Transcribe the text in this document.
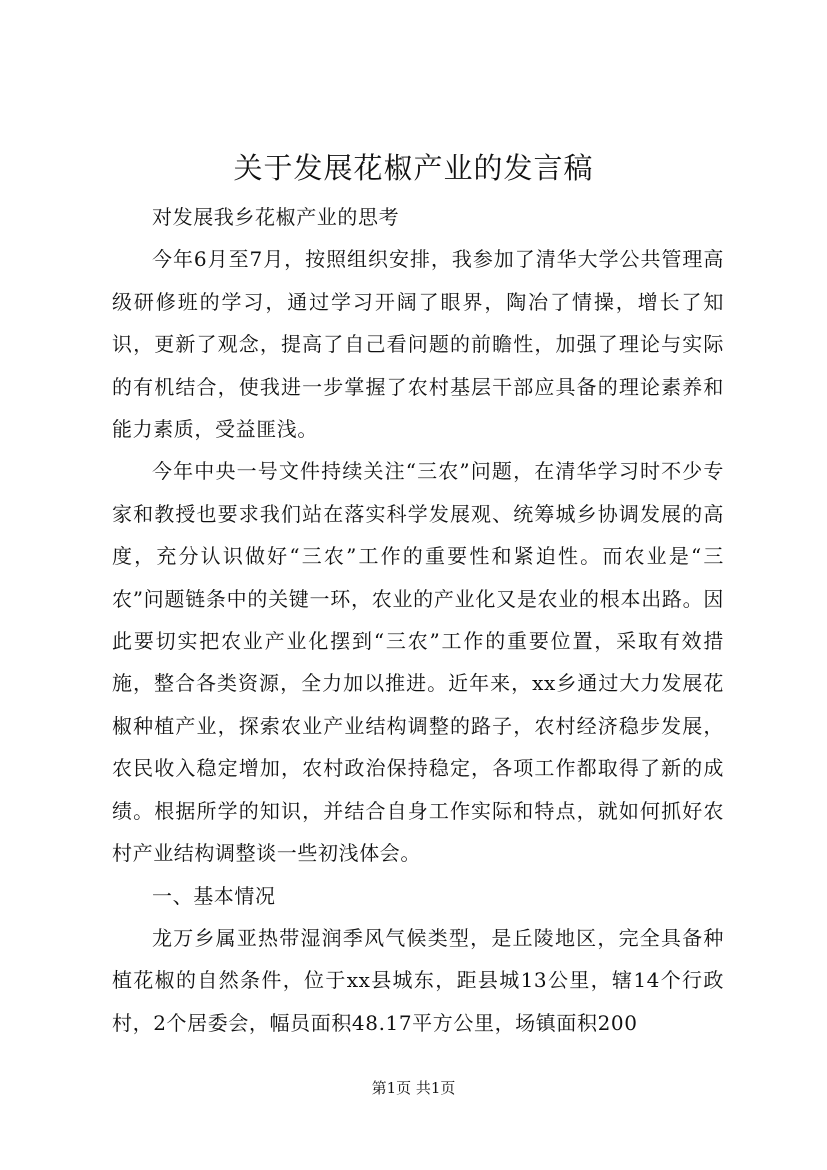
关于发展花椒产业的发言稿

对发展我乡花椒产业的思考

今年6月至7月，按照组织安排，我参加了清华大学公共管理高级研修班的学习，通过学习开阔了眼界，陶冶了情操，增长了知识，更新了观念，提高了自己看问题的前瞻性，加强了理论与实际的有机结合，使我进一步掌握了农村基层干部应具备的理论素养和能力素质，受益匪浅。

今年中央一号文件持续关注“三农”问题，在清华学习时不少专家和教授也要求我们站在落实科学发展观、统筹城乡协调发展的高度，充分认识做好“三农”工作的重要性和紧迫性。而农业是“三农”问题链条中的关键一环，农业的产业化又是农业的根本出路。因此要切实把农业产业化摆到“三农”工作的重要位置，采取有效措施，整合各类资源，全力加以推进。近年来，xx乡通过大力发展花椒种植产业，探索农业产业结构调整的路子，农村经济稳步发展，农民收入稳定增加，农村政治保持稳定，各项工作都取得了新的成绩。根据所学的知识，并结合自身工作实际和特点，就如何抓好农村产业结构调整谈一些初浅体会。

一、基本情况

龙万乡属亚热带湿润季风气候类型，是丘陵地区，完全具备种植花椒的自然条件，位于xx县城东，距县城13公里，辖14个行政村，2个居委会，幅员面积48.17平方公里，场镇面积200

第1页 共1页
